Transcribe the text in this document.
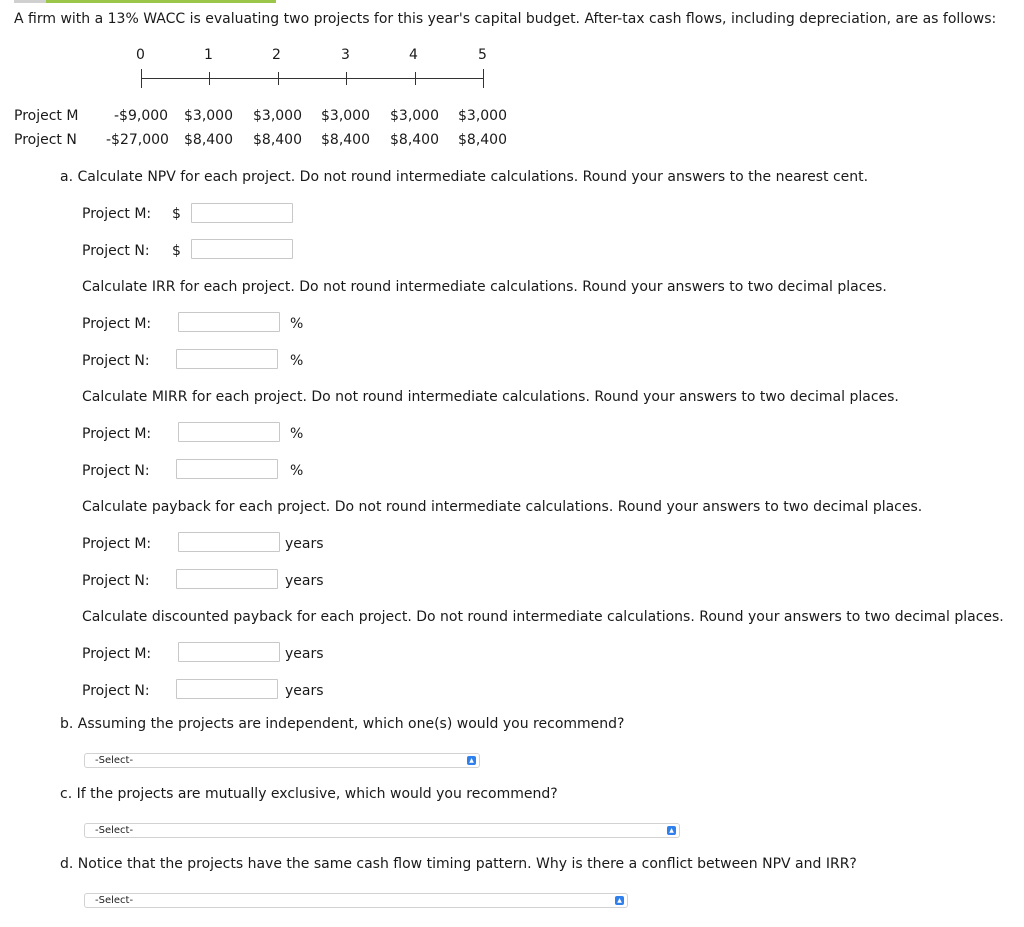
A firm with a 13% WACC is evaluating two projects for this year's capital budget. After-tax cash flows, including depreciation, are as follows:
0	1	2	3	4	5
Project M	-$9,000 $3,000 $3,000 $3,000 $3,000 $3,000
Project N -$27,000 $8,400 $8,400 $8,400 $8,400 $8,400
a. Calculate NPV for each project. Do not round intermediate calculations. Round your answers to the nearest cent.
Project M: $
Project N: $
Calculate IRR for each project. Do not round intermediate calculations. Round your answers to two decimal places.
Project M:	%
Project N:	%
Calculate MIRR for each project. Do not round intermediate calculations. Round your answers to two decimal places.
Project M:	%
Project N:	%
Calculate payback for each project. Do not round intermediate calculations. Round your answers to two decimal places.
Project M:	years
Project N:	years
Calculate discounted payback for each project. Do not round intermediate calculations. Round your answers to two decimal places.
Project M:	years
Project N:	years
b. Assuming the projects are independent, which one(s) would you recommend?
-Select-	▲︎
c. If the projects are mutually exclusive, which would you recommend?
-Select-	▲︎
d. Notice that the projects have the same cash flow timing pattern. Why is there a conflict between NPV and IRR?
-Select-	▲︎
